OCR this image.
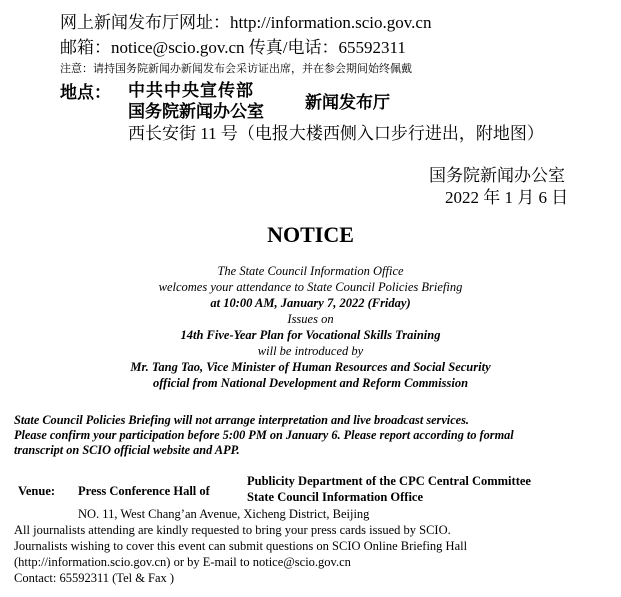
网上新闻发布厅网址：http://information.scio.gov.cn
邮箱：notice@scio.gov.cn 传真/电话：65592311
注意：请持国务院新闻办新闻发布会采访证出席，并在参会期间始终佩戴
地点： 中共中央宣传部
国务院新闻办公室 新闻发布厅
西长安街 11 号（电报大楼西侧入口步行进出，附地图）
国务院新闻办公室
2022 年 1 月 6 日
NOTICE
The State Council Information Office
welcomes your attendance to State Council Policies Briefing
at 10:00 AM, January 7, 2022 (Friday)
Issues on
14th Five-Year Plan for Vocational Skills Training
will be introduced by
Mr. Tang Tao, Vice Minister of Human Resources and Social Security
official from National Development and Reform Commission
State Council Policies Briefing will not arrange interpretation and live broadcast services.
Please confirm your participation before 5:00 PM on January 6. Please report according to formal
transcript on SCIO official website and APP.
Venue: Press Conference Hall of
Publicity Department of the CPC Central Committee
State Council Information Office
NO. 11, West Chang’an Avenue, Xicheng District, Beijing
All journalists attending are kindly requested to bring your press cards issued by SCIO.
Journalists wishing to cover this event can submit questions on SCIO Online Briefing Hall
(http://information.scio.gov.cn) or by E-mail to notice@scio.gov.cn
Contact: 65592311 (Tel & Fax )
